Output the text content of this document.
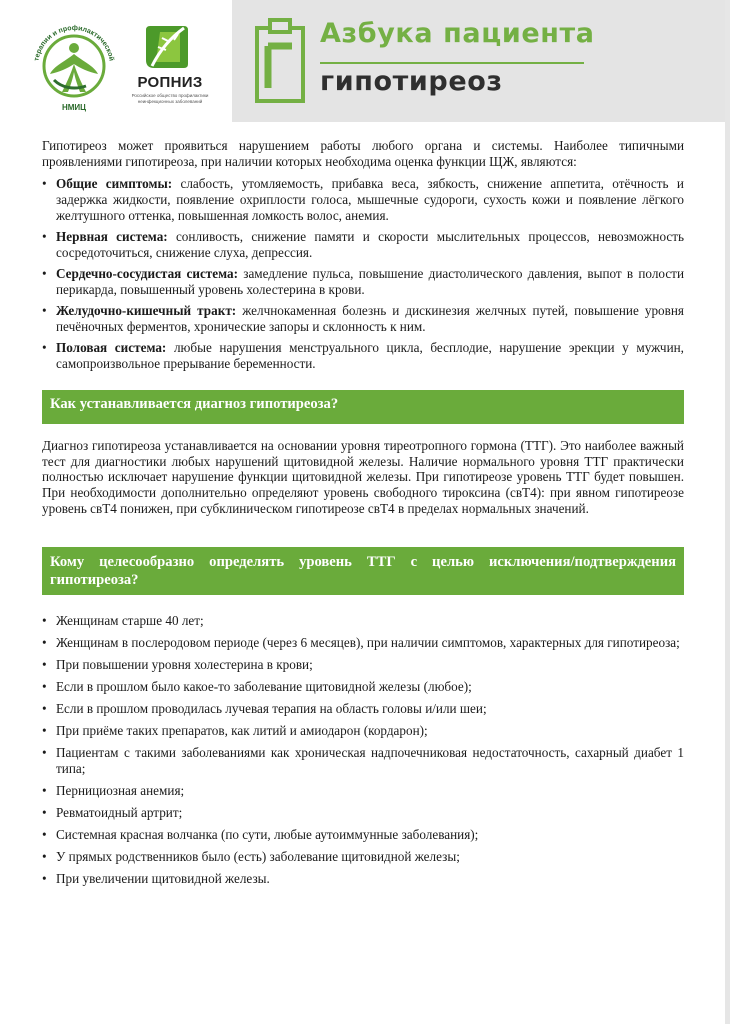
терапии и профилактической
НМИЦ
РОПНИЗ
Российское общество профилактики неинфекционных заболеваний
Азбука пациента
гипотиреоз

Гипотиреоз может проявиться нарушением работы любого органа и системы. Наиболее типичными проявлениями гипотиреоза, при наличии которых необходима оценка функции ЩЖ, являются:

• Общие симптомы: слабость, утомляемость, прибавка веса, зябкость, снижение аппетита, отёчность и задержка жидкости, появление охриплости голоса, мышечные судороги, сухость кожи и появление лёгкого желтушного оттенка, повышенная ломкость волос, анемия.
• Нервная система: сонливость, снижение памяти и скорости мыслительных процессов, невозможность сосредоточиться, снижение слуха, депрессия.
• Сердечно-сосудистая система: замедление пульса, повышение диастолического давления, выпот в полости перикарда, повышенный уровень холестерина в крови.
• Желудочно-кишечный тракт: желчнокаменная болезнь и дискинезия желчных путей, повышение уровня печёночных ферментов, хронические запоры и склонность к ним.
• Половая система: любые нарушения менструального цикла, бесплодие, нарушение эрекции у мужчин, самопроизвольное прерывание беременности.
Как устанавливается диагноз гипотиреоза?

Диагноз гипотиреоза устанавливается на основании уровня тиреотропного гормона (ТТГ). Это наиболее важный тест для диагностики любых нарушений щитовидной железы. Наличие нормального уровня ТТГ практически полностью исключает нарушение функции щитовидной железы. При гипотиреозе уровень ТТГ будет повышен. При необходимости дополнительно определяют уровень свободного тироксина (свТ4): при явном гипотиреозе уровень свТ4 понижен, при субклиническом гипотиреозе свТ4 в пределах нормальных значений.

Кому целесообразно определять уровень ТТГ с целью исключения/подтверждения гипотиреоза?
• Женщинам старше 40 лет;
• Женщинам в послеродовом периоде (через 6 месяцев), при наличии симптомов, характерных для гипотиреоза;
• При повышении уровня холестерина в крови;
• Если в прошлом было какое-то заболевание щитовидной железы (любое);
• Если в прошлом проводилась лучевая терапия на область головы и/или шеи;
• При приёме таких препаратов, как литий и амиодарон (кордарон);
• Пациентам с такими заболеваниями как хроническая надпочечниковая недостаточность, сахарный диабет 1 типа;
• Пернициозная анемия;
• Ревматоидный артрит;
• Системная красная волчанка (по сути, любые аутоиммунные заболевания);
• У прямых родственников было (есть) заболевание щитовидной железы;
• При увеличении щитовидной железы.
